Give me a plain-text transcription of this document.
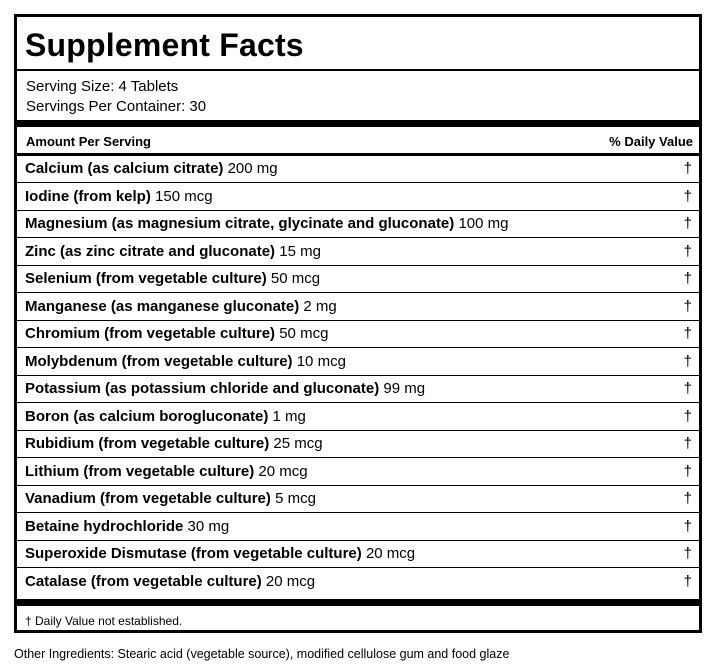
Supplement Facts
Serving Size: 4 Tablets
Servings Per Container: 30
Amount Per Serving	% Daily Value
Calcium (as calcium citrate) 200 mg	†
Iodine (from kelp) 150 mcg	†
Magnesium (as magnesium citrate, glycinate and gluconate) 100 mg	†
Zinc (as zinc citrate and gluconate) 15 mg	†
Selenium (from vegetable culture) 50 mcg	†
Manganese (as manganese gluconate) 2 mg	†
Chromium (from vegetable culture) 50 mcg	†
Molybdenum (from vegetable culture) 10 mcg	†
Potassium (as potassium chloride and gluconate) 99 mg	†
Boron (as calcium borogluconate) 1 mg	†
Rubidium (from vegetable culture) 25 mcg	†
Lithium (from vegetable culture) 20 mcg	†
Vanadium (from vegetable culture) 5 mcg	†
Betaine hydrochloride 30 mg	†
Superoxide Dismutase (from vegetable culture) 20 mcg	†
Catalase (from vegetable culture) 20 mcg	†
† Daily Value not established.
Other Ingredients: Stearic acid (vegetable source), modified cellulose gum and food glaze
